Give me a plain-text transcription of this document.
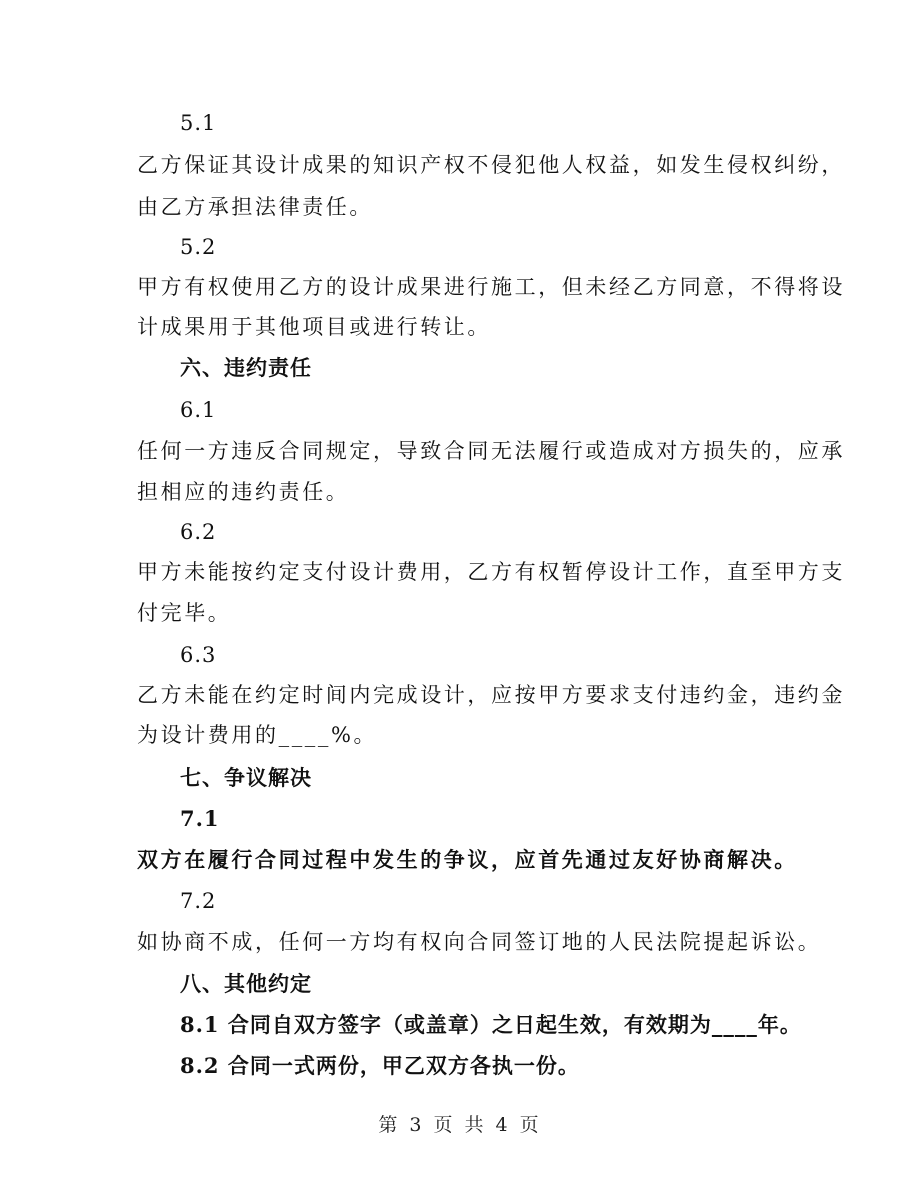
5.1
乙方保证其设计成果的知识产权不侵犯他人权益，如发生侵权纠纷，
由乙方承担法律责任。
5.2
甲方有权使用乙方的设计成果进行施工，但未经乙方同意，不得将设
计成果用于其他项目或进行转让。
六、违约责任
6.1
任何一方违反合同规定，导致合同无法履行或造成对方损失的，应承
担相应的违约责任。
6.2
甲方未能按约定支付设计费用，乙方有权暂停设计工作，直至甲方支
付完毕。
6.3
乙方未能在约定时间内完成设计，应按甲方要求支付违约金，违约金
为设计费用的____%。
七、争议解决
7.1
双方在履行合同过程中发生的争议，应首先通过友好协商解决。
7.2
如协商不成，任何一方均有权向合同签订地的人民法院提起诉讼。
八、其他约定
8.1 合同自双方签字（或盖章）之日起生效，有效期为____年。
8.2 合同一式两份，甲乙双方各执一份。
第 3 页 共 4 页
